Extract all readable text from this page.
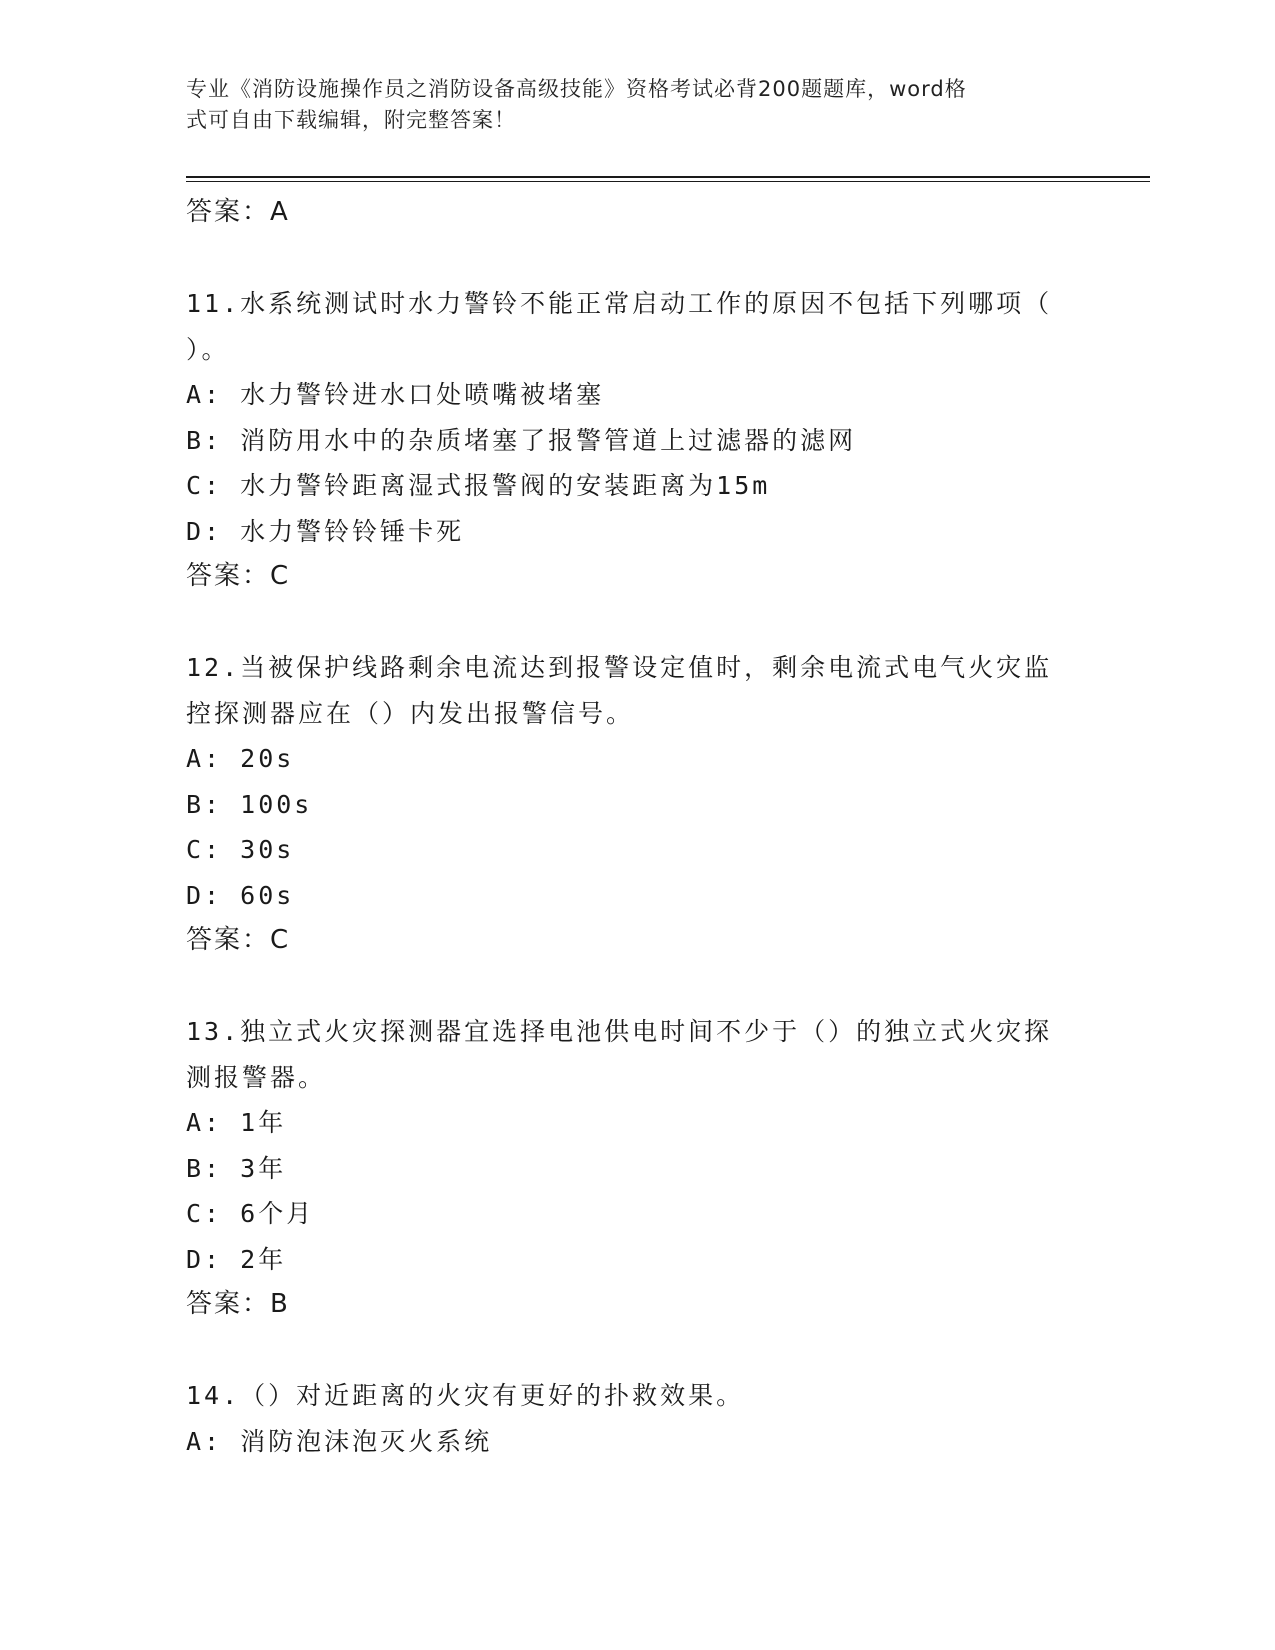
专业《消防设施操作员之消防设备高级技能》资格考试必背200题题库，word格
式可自由下载编辑，附完整答案！
答案：A
11.水系统测试时水力警铃不能正常启动工作的原因不包括下列哪项（
）。
A: 水力警铃进水口处喷嘴被堵塞
B: 消防用水中的杂质堵塞了报警管道上过滤器的滤网
C: 水力警铃距离湿式报警阀的安装距离为15m
D: 水力警铃铃锤卡死
答案：C
12.当被保护线路剩余电流达到报警设定值时，剩余电流式电气火灾监
控探测器应在（）内发出报警信号。
A: 20s
B: 100s
C: 30s
D: 60s
答案：C
13.独立式火灾探测器宜选择电池供电时间不少于（）的独立式火灾探
测报警器。
A: 1年
B: 3年
C: 6个月
D: 2年
答案：B
14.（）对近距离的火灾有更好的扑救效果。
A: 消防泡沫泡灭火系统
